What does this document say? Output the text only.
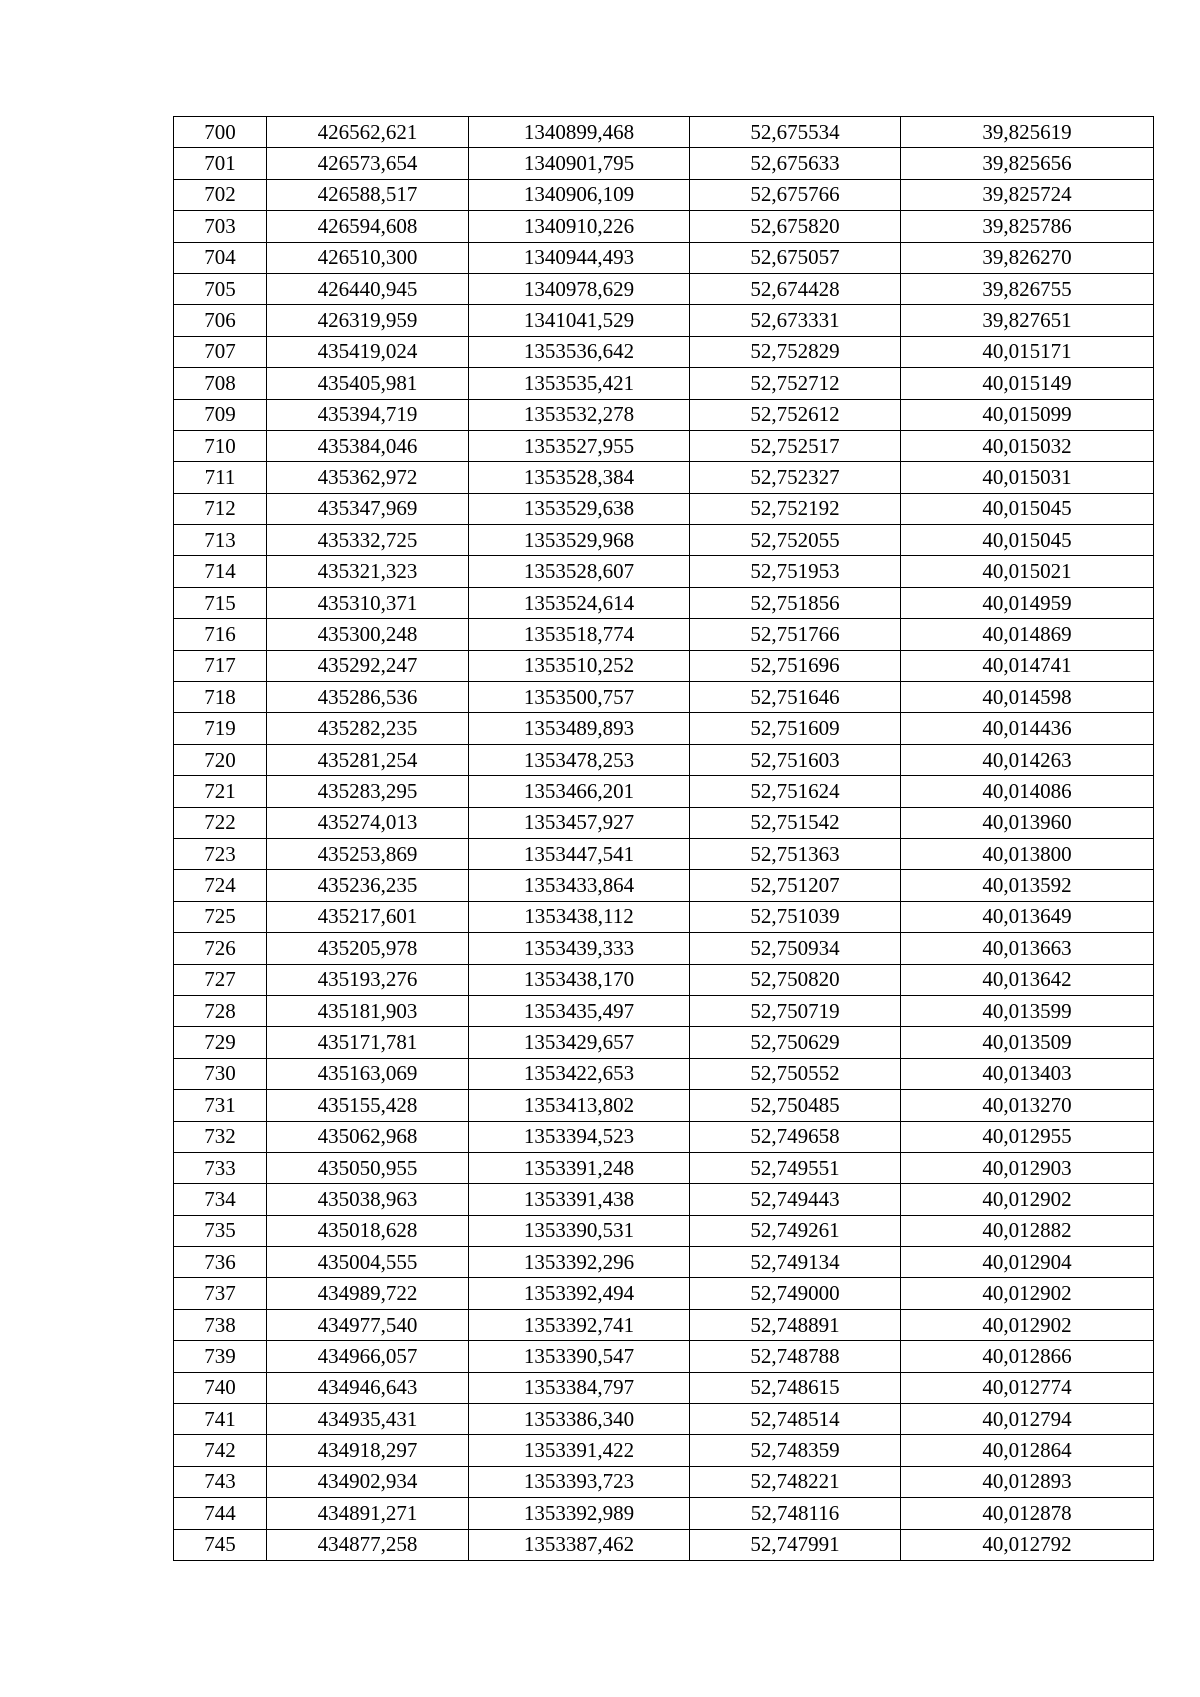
700	426562,621	1340899,468	52,675534	39,825619
701	426573,654	1340901,795	52,675633	39,825656
702	426588,517	1340906,109	52,675766	39,825724
703	426594,608	1340910,226	52,675820	39,825786
704	426510,300	1340944,493	52,675057	39,826270
705	426440,945	1340978,629	52,674428	39,826755
706	426319,959	1341041,529	52,673331	39,827651
707	435419,024	1353536,642	52,752829	40,015171
708	435405,981	1353535,421	52,752712	40,015149
709	435394,719	1353532,278	52,752612	40,015099
710	435384,046	1353527,955	52,752517	40,015032
711	435362,972	1353528,384	52,752327	40,015031
712	435347,969	1353529,638	52,752192	40,015045
713	435332,725	1353529,968	52,752055	40,015045
714	435321,323	1353528,607	52,751953	40,015021
715	435310,371	1353524,614	52,751856	40,014959
716	435300,248	1353518,774	52,751766	40,014869
717	435292,247	1353510,252	52,751696	40,014741
718	435286,536	1353500,757	52,751646	40,014598
719	435282,235	1353489,893	52,751609	40,014436
720	435281,254	1353478,253	52,751603	40,014263
721	435283,295	1353466,201	52,751624	40,014086
722	435274,013	1353457,927	52,751542	40,013960
723	435253,869	1353447,541	52,751363	40,013800
724	435236,235	1353433,864	52,751207	40,013592
725	435217,601	1353438,112	52,751039	40,013649
726	435205,978	1353439,333	52,750934	40,013663
727	435193,276	1353438,170	52,750820	40,013642
728	435181,903	1353435,497	52,750719	40,013599
729	435171,781	1353429,657	52,750629	40,013509
730	435163,069	1353422,653	52,750552	40,013403
731	435155,428	1353413,802	52,750485	40,013270
732	435062,968	1353394,523	52,749658	40,012955
733	435050,955	1353391,248	52,749551	40,012903
734	435038,963	1353391,438	52,749443	40,012902
735	435018,628	1353390,531	52,749261	40,012882
736	435004,555	1353392,296	52,749134	40,012904
737	434989,722	1353392,494	52,749000	40,012902
738	434977,540	1353392,741	52,748891	40,012902
739	434966,057	1353390,547	52,748788	40,012866
740	434946,643	1353384,797	52,748615	40,012774
741	434935,431	1353386,340	52,748514	40,012794
742	434918,297	1353391,422	52,748359	40,012864
743	434902,934	1353393,723	52,748221	40,012893
744	434891,271	1353392,989	52,748116	40,012878
745	434877,258	1353387,462	52,747991	40,012792
